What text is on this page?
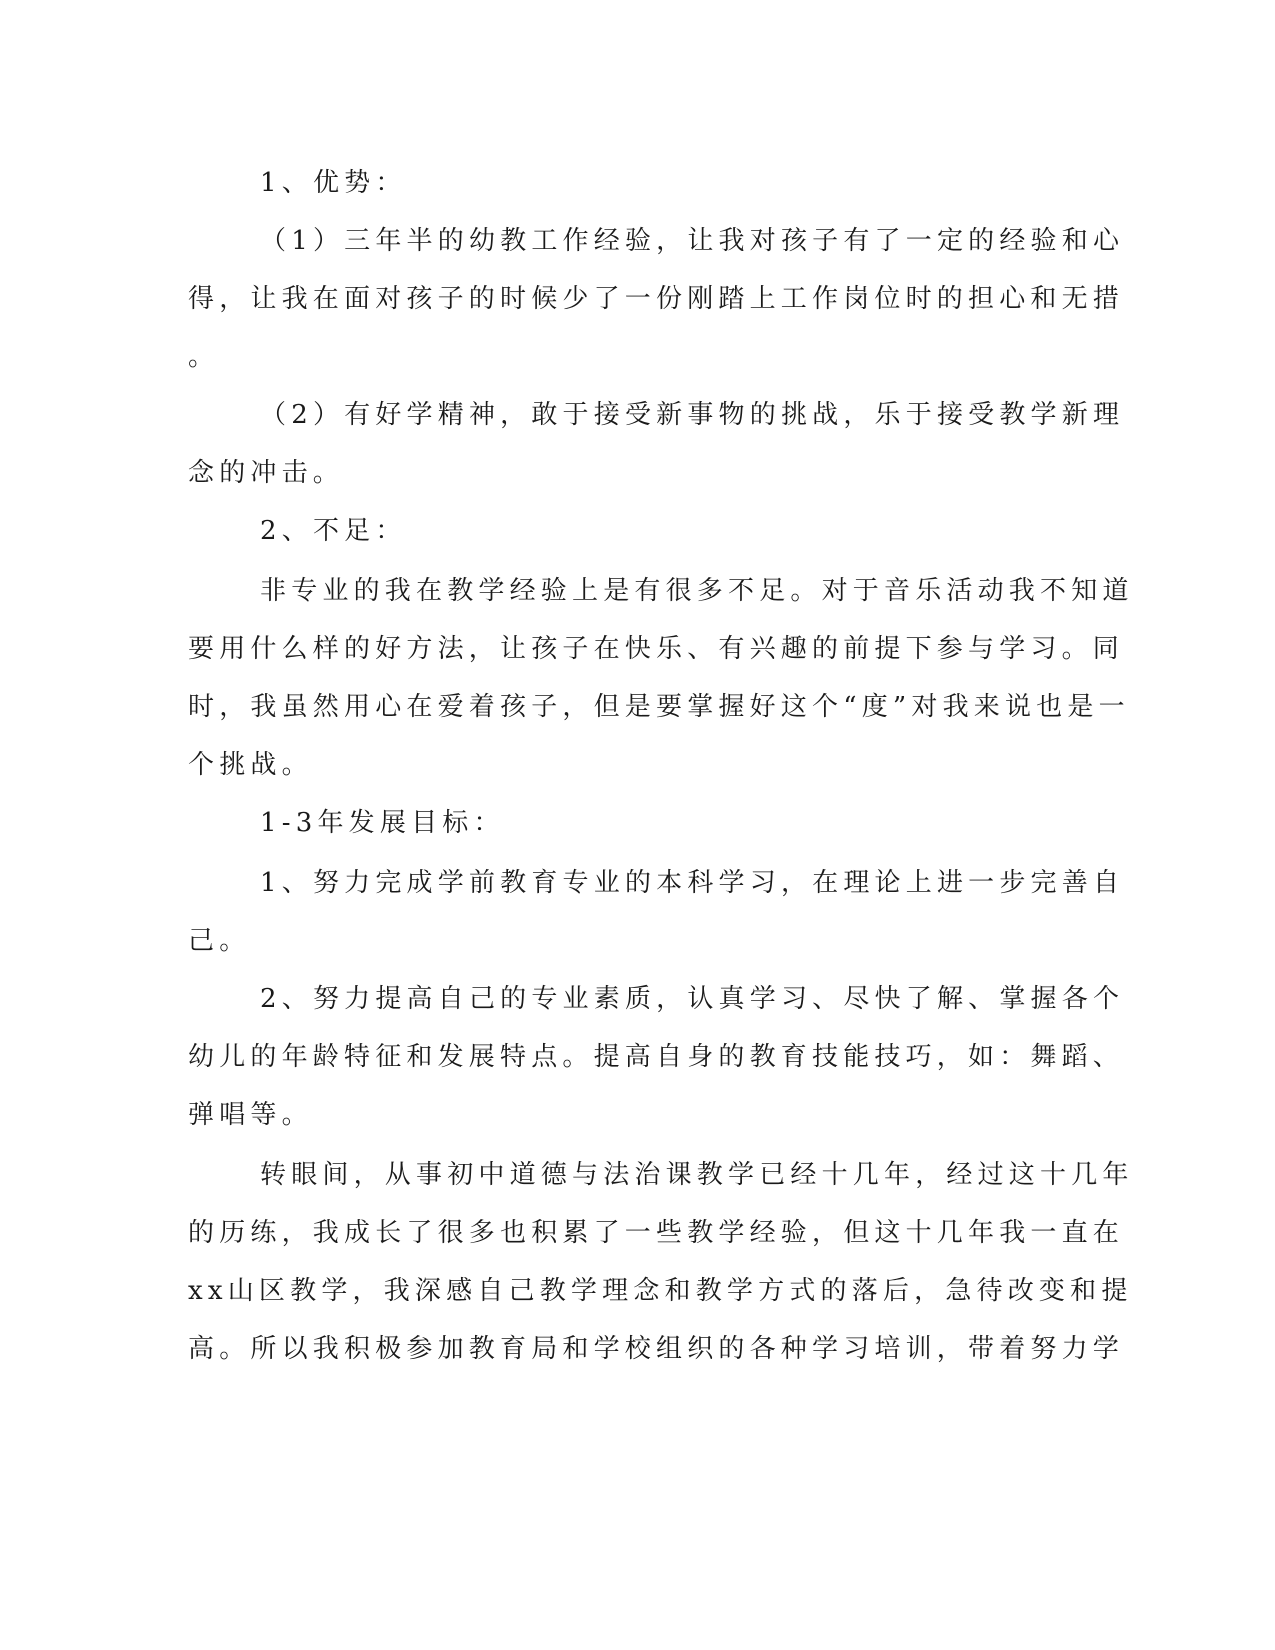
1、优势：
（1）三年半的幼教工作经验，让我对孩子有了一定的经验和心
得，让我在面对孩子的时候少了一份刚踏上工作岗位时的担心和无措
。
（2）有好学精神，敢于接受新事物的挑战，乐于接受教学新理
念的冲击。
2、不足：
非专业的我在教学经验上是有很多不足。对于音乐活动我不知道
要用什么样的好方法，让孩子在快乐、有兴趣的前提下参与学习。同
时，我虽然用心在爱着孩子，但是要掌握好这个“度”对我来说也是一
个挑战。
1-3年发展目标：
1、努力完成学前教育专业的本科学习，在理论上进一步完善自
己。
2、努力提高自己的专业素质，认真学习、尽快了解、掌握各个
幼儿的年龄特征和发展特点。提高自身的教育技能技巧，如：舞蹈、
弹唱等。
转眼间，从事初中道德与法治课教学已经十几年，经过这十几年
的历练，我成长了很多也积累了一些教学经验，但这十几年我一直在
xx山区教学，我深感自己教学理念和教学方式的落后，急待改变和提
高。所以我积极参加教育局和学校组织的各种学习培训，带着努力学
